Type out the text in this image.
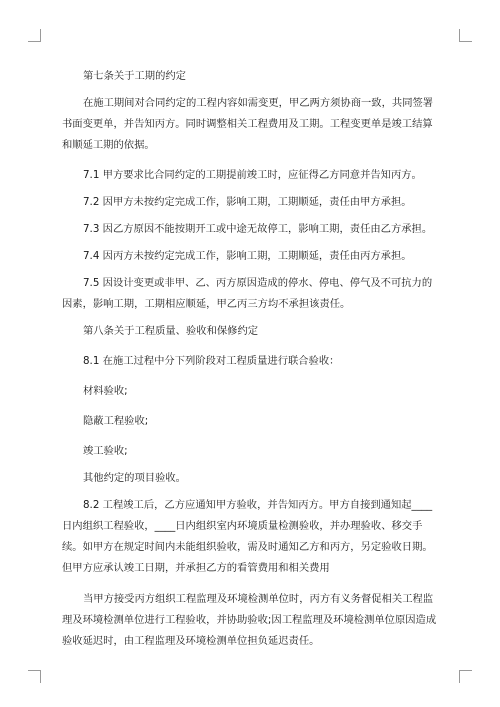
第七条关于工期的约定

在施工期间对合同约定的工程内容如需变更，甲乙两方须协商一致，共同签署书面变更单，并告知丙方。同时调整相关工程费用及工期。工程变更单是竣工结算和顺延工期的依据。

7.1 甲方要求比合同约定的工期提前竣工时，应征得乙方同意并告知丙方。

7.2 因甲方未按约定完成工作，影响工期，工期顺延，责任由甲方承担。

7.3 因乙方原因不能按期开工或中途无故停工，影响工期，责任由乙方承担。

7.4 因丙方未按约定完成工作，影响工期，工期顺延，责任由丙方承担。

7.5 因设计变更或非甲、乙、丙方原因造成的停水、停电、停气及不可抗力的因素，影响工期，工期相应顺延，甲乙丙三方均不承担该责任。

第八条关于工程质量、验收和保修约定

8.1 在施工过程中分下列阶段对工程质量进行联合验收：

材料验收;

隐蔽工程验收;

竣工验收;

其他约定的项目验收。

8.2 工程竣工后，乙方应通知甲方验收，并告知丙方。甲方自接到通知起____日内组织工程验收，____日内组织室内环境质量检测验收，并办理验收、移交手续。如甲方在规定时间内未能组织验收，需及时通知乙方和丙方，另定验收日期。但甲方应承认竣工日期，并承担乙方的看管费用和相关费用

当甲方接受丙方组织工程监理及环境检测单位时，丙方有义务督促相关工程监理及环境检测单位进行工程验收，并协助验收;因工程监理及环境检测单位原因造成验收延迟时，由工程监理及环境检测单位担负延迟责任。
